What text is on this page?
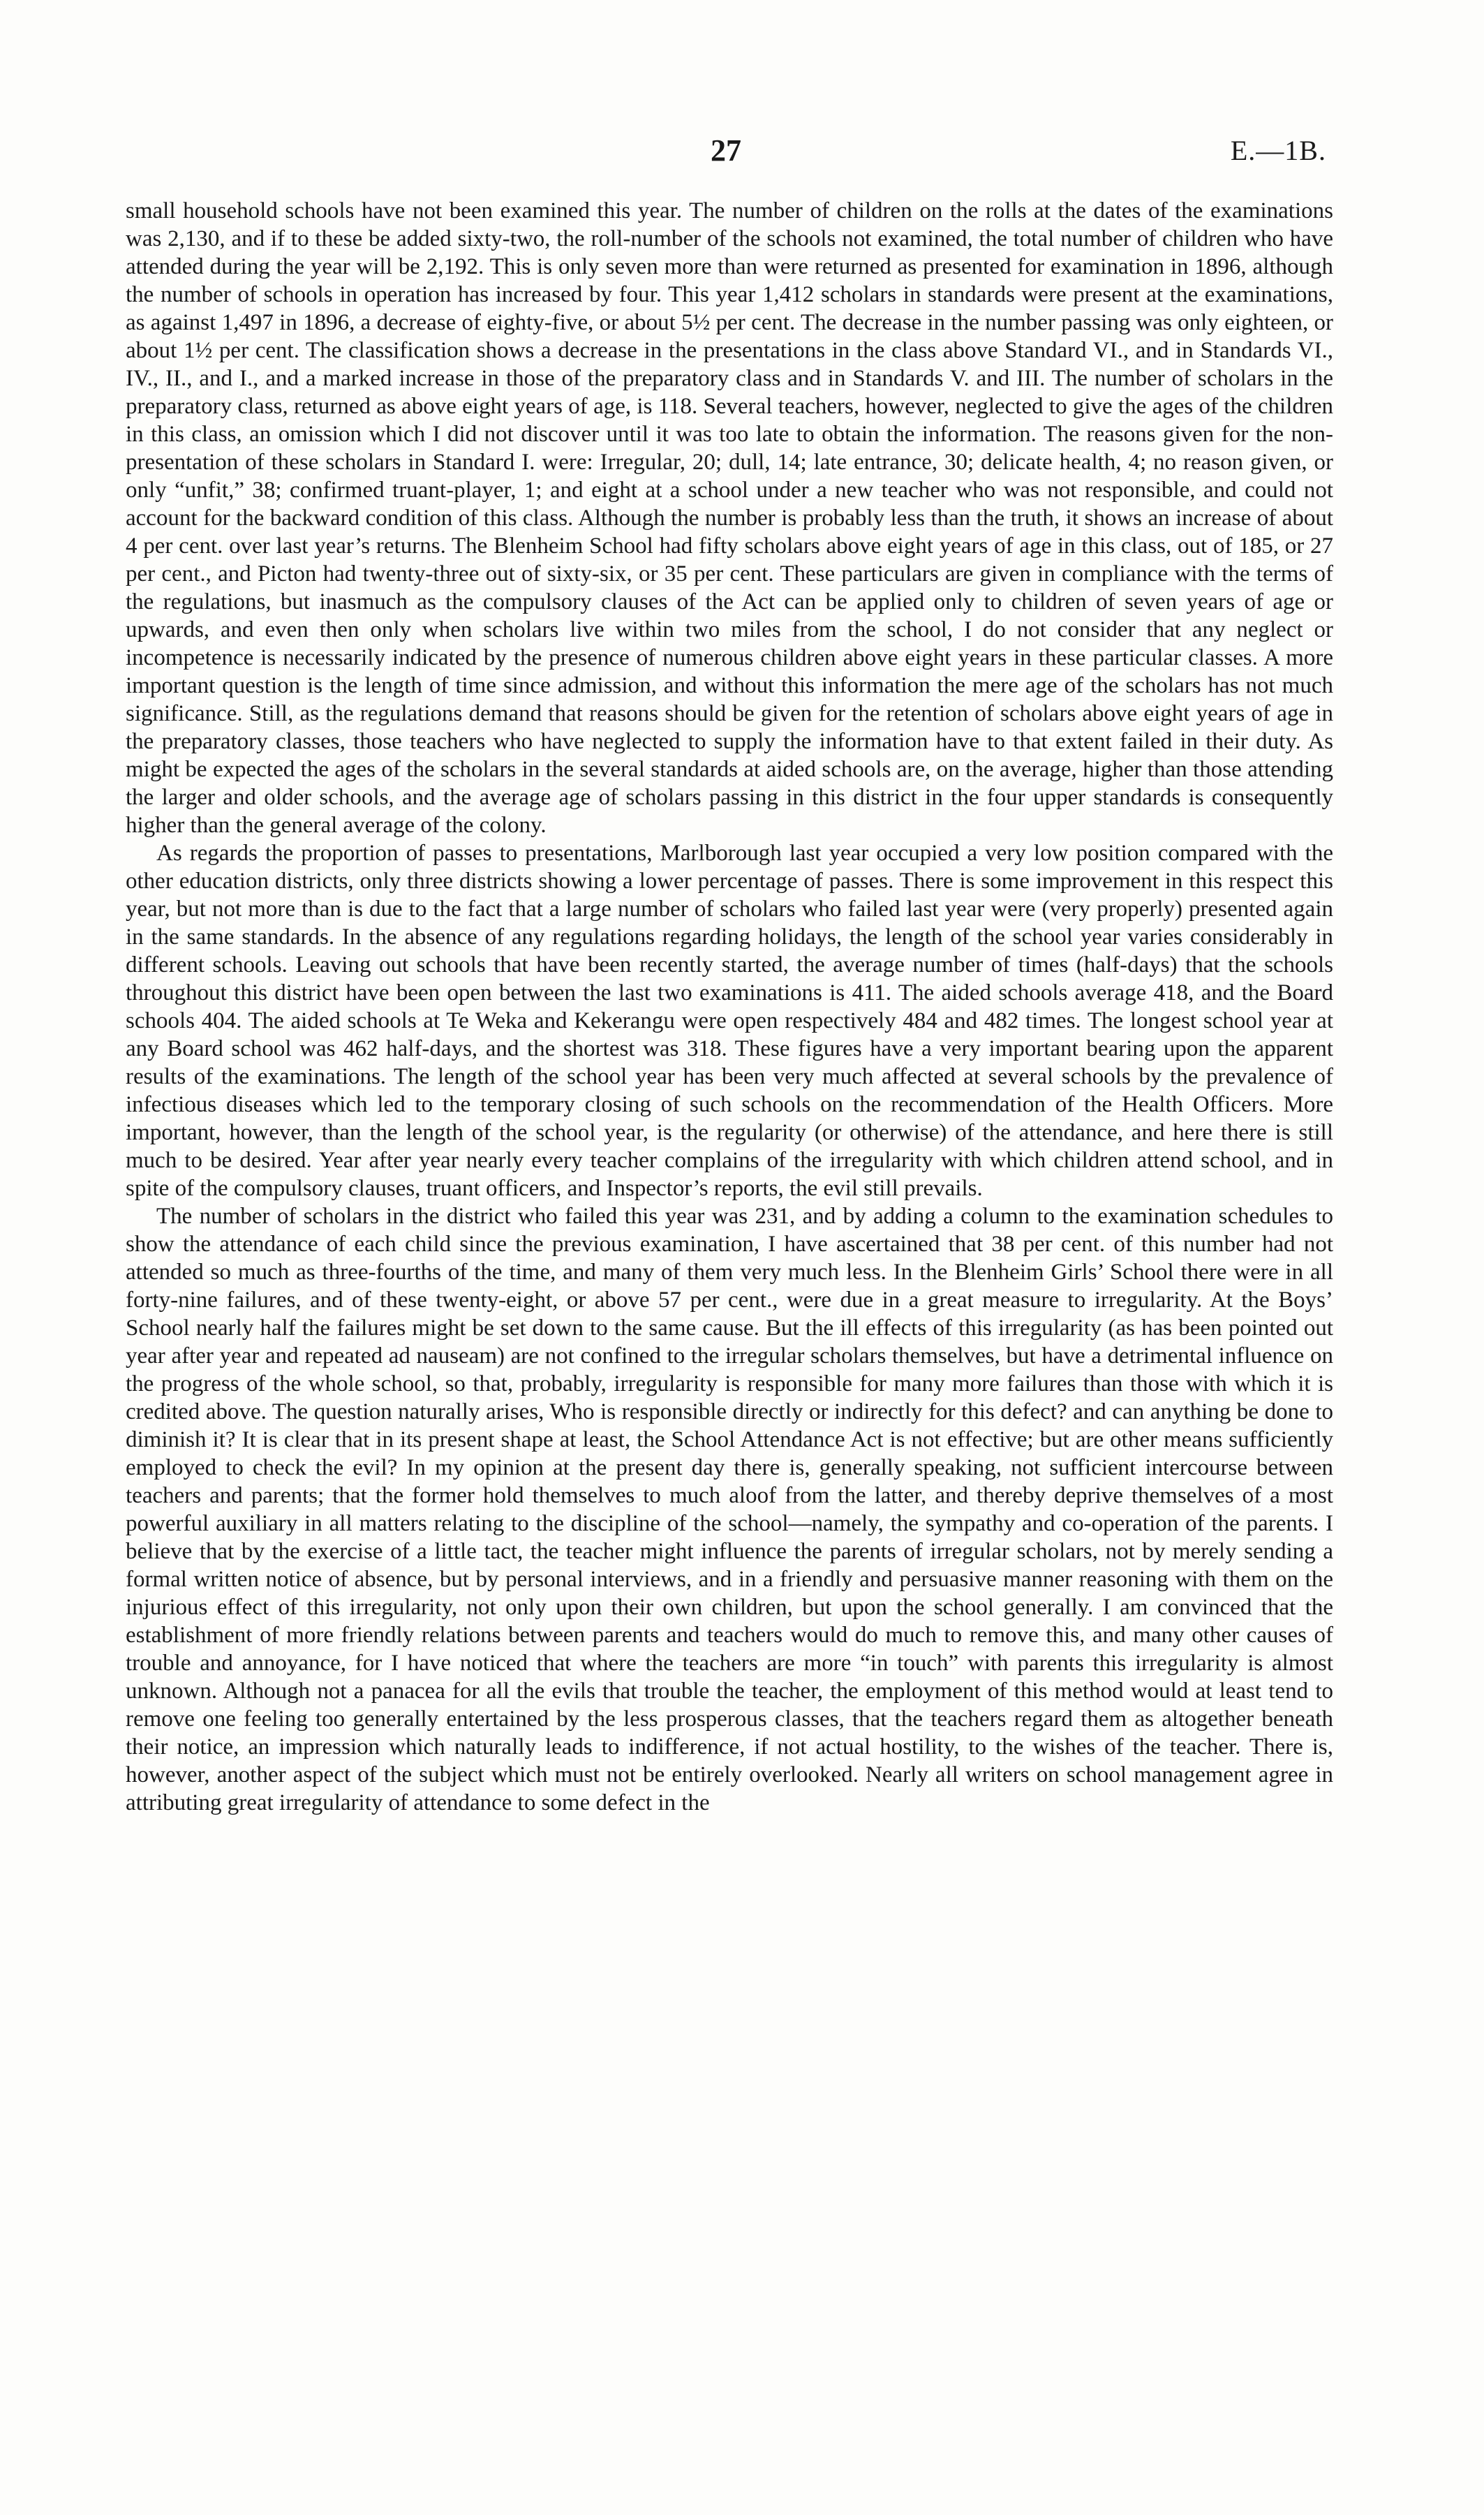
27	E.—1B.

small household schools have not been examined this year. The number of children on the rolls at the dates of the examinations was 2,130, and if to these be added sixty-two, the roll-number of the schools not examined, the total number of children who have attended during the year will be 2,192. This is only seven more than were returned as presented for examination in 1896, although the number of schools in operation has increased by four. This year 1,412 scholars in standards were present at the examinations, as against 1,497 in 1896, a decrease of eighty-five, or about 5½ per cent. The decrease in the number passing was only eighteen, or about 1½ per cent. The classification shows a decrease in the presentations in the class above Standard VI., and in Standards VI., IV., II., and I., and a marked increase in those of the preparatory class and in Standards V. and III. The number of scholars in the preparatory class, returned as above eight years of age, is 118. Several teachers, however, neglected to give the ages of the children in this class, an omission which I did not discover until it was too late to obtain the information. The reasons given for the non-presentation of these scholars in Standard I. were: Irregular, 20; dull, 14; late entrance, 30; delicate health, 4; no reason given, or only “unfit,” 38; confirmed truant-player, 1; and eight at a school under a new teacher who was not responsible, and could not account for the backward condition of this class. Although the number is probably less than the truth, it shows an increase of about 4 per cent. over last year’s returns. The Blenheim School had fifty scholars above eight years of age in this class, out of 185, or 27 per cent., and Picton had twenty-three out of sixty-six, or 35 per cent. These particulars are given in compliance with the terms of the regulations, but inasmuch as the compulsory clauses of the Act can be applied only to children of seven years of age or upwards, and even then only when scholars live within two miles from the school, I do not consider that any neglect or incompetence is necessarily indicated by the presence of numerous children above eight years in these particular classes. A more important question is the length of time since admission, and without this information the mere age of the scholars has not much significance. Still, as the regulations demand that reasons should be given for the retention of scholars above eight years of age in the preparatory classes, those teachers who have neglected to supply the information have to that extent failed in their duty. As might be expected the ages of the scholars in the several standards at aided schools are, on the average, higher than those attending the larger and older schools, and the average age of scholars passing in this district in the four upper standards is consequently higher than the general average of the colony.

As regards the proportion of passes to presentations, Marlborough last year occupied a very low position compared with the other education districts, only three districts showing a lower percentage of passes. There is some improvement in this respect this year, but not more than is due to the fact that a large number of scholars who failed last year were (very properly) presented again in the same standards. In the absence of any regulations regarding holidays, the length of the school year varies considerably in different schools. Leaving out schools that have been recently started, the average number of times (half-days) that the schools throughout this district have been open between the last two examinations is 411. The aided schools average 418, and the Board schools 404. The aided schools at Te Weka and Kekerangu were open respectively 484 and 482 times. The longest school year at any Board school was 462 half-days, and the shortest was 318. These figures have a very important bearing upon the apparent results of the examinations. The length of the school year has been very much affected at several schools by the prevalence of infectious diseases which led to the temporary closing of such schools on the recommendation of the Health Officers. More important, however, than the length of the school year, is the regularity (or otherwise) of the attendance, and here there is still much to be desired. Year after year nearly every teacher complains of the irregularity with which children attend school, and in spite of the compulsory clauses, truant officers, and Inspector’s reports, the evil still prevails.

The number of scholars in the district who failed this year was 231, and by adding a column to the examination schedules to show the attendance of each child since the previous examination, I have ascertained that 38 per cent. of this number had not attended so much as three-fourths of the time, and many of them very much less. In the Blenheim Girls’ School there were in all forty-nine failures, and of these twenty-eight, or above 57 per cent., were due in a great measure to irregularity. At the Boys’ School nearly half the failures might be set down to the same cause. But the ill effects of this irregularity (as has been pointed out year after year and repeated ad nauseam) are not confined to the irregular scholars themselves, but have a detrimental influence on the progress of the whole school, so that, probably, irregularity is responsible for many more failures than those with which it is credited above. The question naturally arises, Who is responsible directly or indirectly for this defect? and can anything be done to diminish it? It is clear that in its present shape at least, the School Attendance Act is not effective; but are other means sufficiently employed to check the evil? In my opinion at the present day there is, generally speaking, not sufficient intercourse between teachers and parents; that the former hold themselves to much aloof from the latter, and thereby deprive themselves of a most powerful auxiliary in all matters relating to the discipline of the school—namely, the sympathy and co-operation of the parents. I believe that by the exercise of a little tact, the teacher might influence the parents of irregular scholars, not by merely sending a formal written notice of absence, but by personal interviews, and in a friendly and persuasive manner reasoning with them on the injurious effect of this irregularity, not only upon their own children, but upon the school generally. I am convinced that the establishment of more friendly relations between parents and teachers would do much to remove this, and many other causes of trouble and annoyance, for I have noticed that where the teachers are more “in touch” with parents this irregularity is almost unknown. Although not a panacea for all the evils that trouble the teacher, the employment of this method would at least tend to remove one feeling too generally entertained by the less prosperous classes, that the teachers regard them as altogether beneath their notice, an impression which naturally leads to indifference, if not actual hostility, to the wishes of the teacher. There is, however, another aspect of the subject which must not be entirely overlooked. Nearly all writers on school management agree in attributing great irregularity of attendance to some defect in the
